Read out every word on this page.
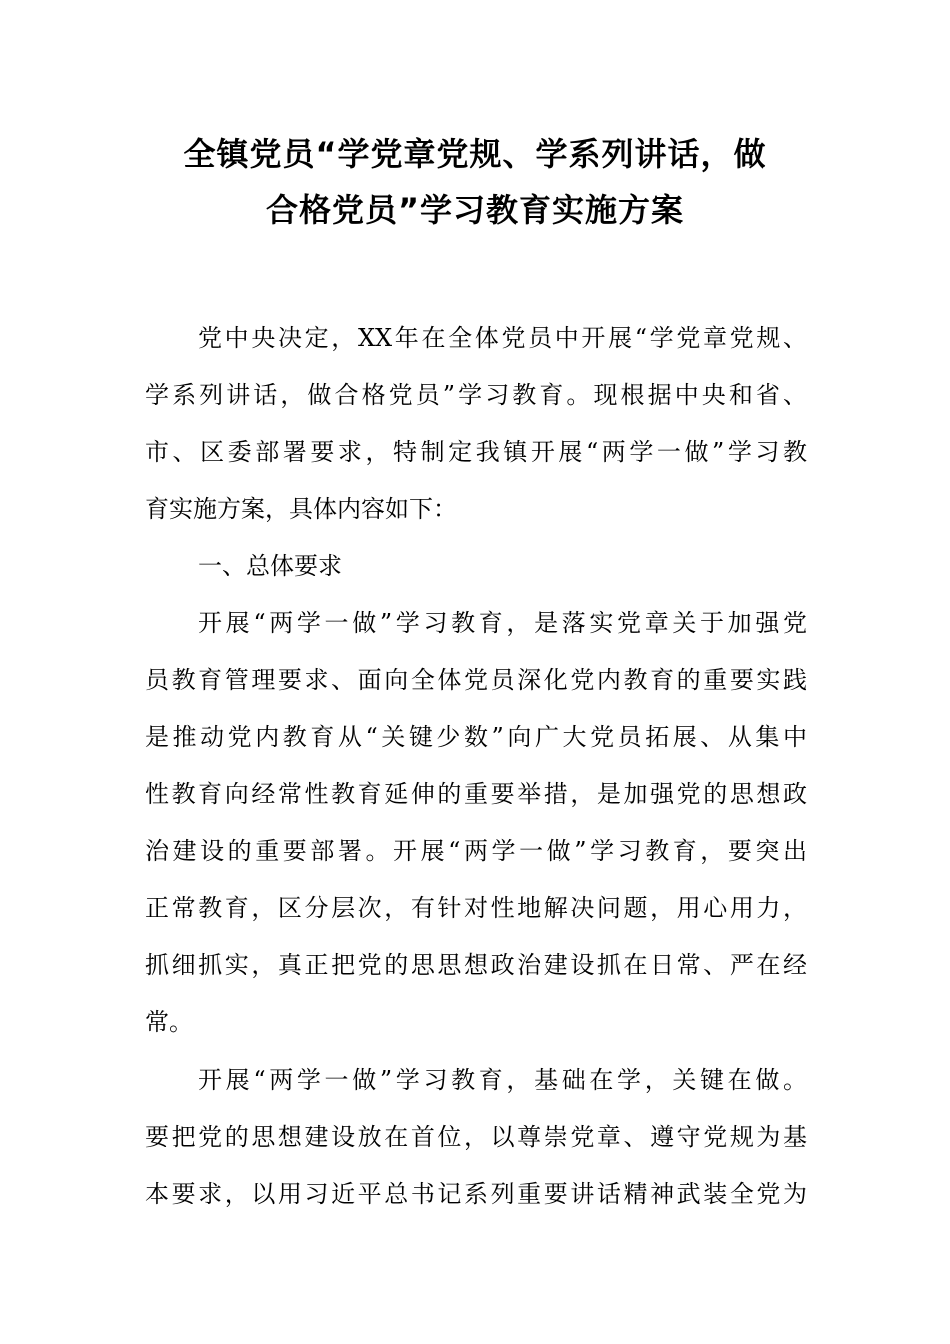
全镇党员“学党章党规、学系列讲话，做
合格党员”学习教育实施方案
党中央决定，XX年在全体党员中开展“学党章党规、
学系列讲话，做合格党员”学习教育。现根据中央和省、
市、区委部署要求，特制定我镇开展“两学一做”学习教
育实施方案，具体内容如下：
一、总体要求
开展“两学一做”学习教育，是落实党章关于加强党
员教育管理要求、面向全体党员深化党内教育的重要实践
是推动党内教育从“关键少数”向广大党员拓展、从集中
性教育向经常性教育延伸的重要举措，是加强党的思想政
治建设的重要部署。开展“两学一做”学习教育，要突出
正常教育，区分层次，有针对性地解决问题，用心用力，
抓细抓实，真正把党的思思想政治建设抓在日常、严在经
常。
开展“两学一做”学习教育，基础在学，关键在做。
要把党的思想建设放在首位，以尊崇党章、遵守党规为基
本要求，以用习近平总书记系列重要讲话精神武装全党为
